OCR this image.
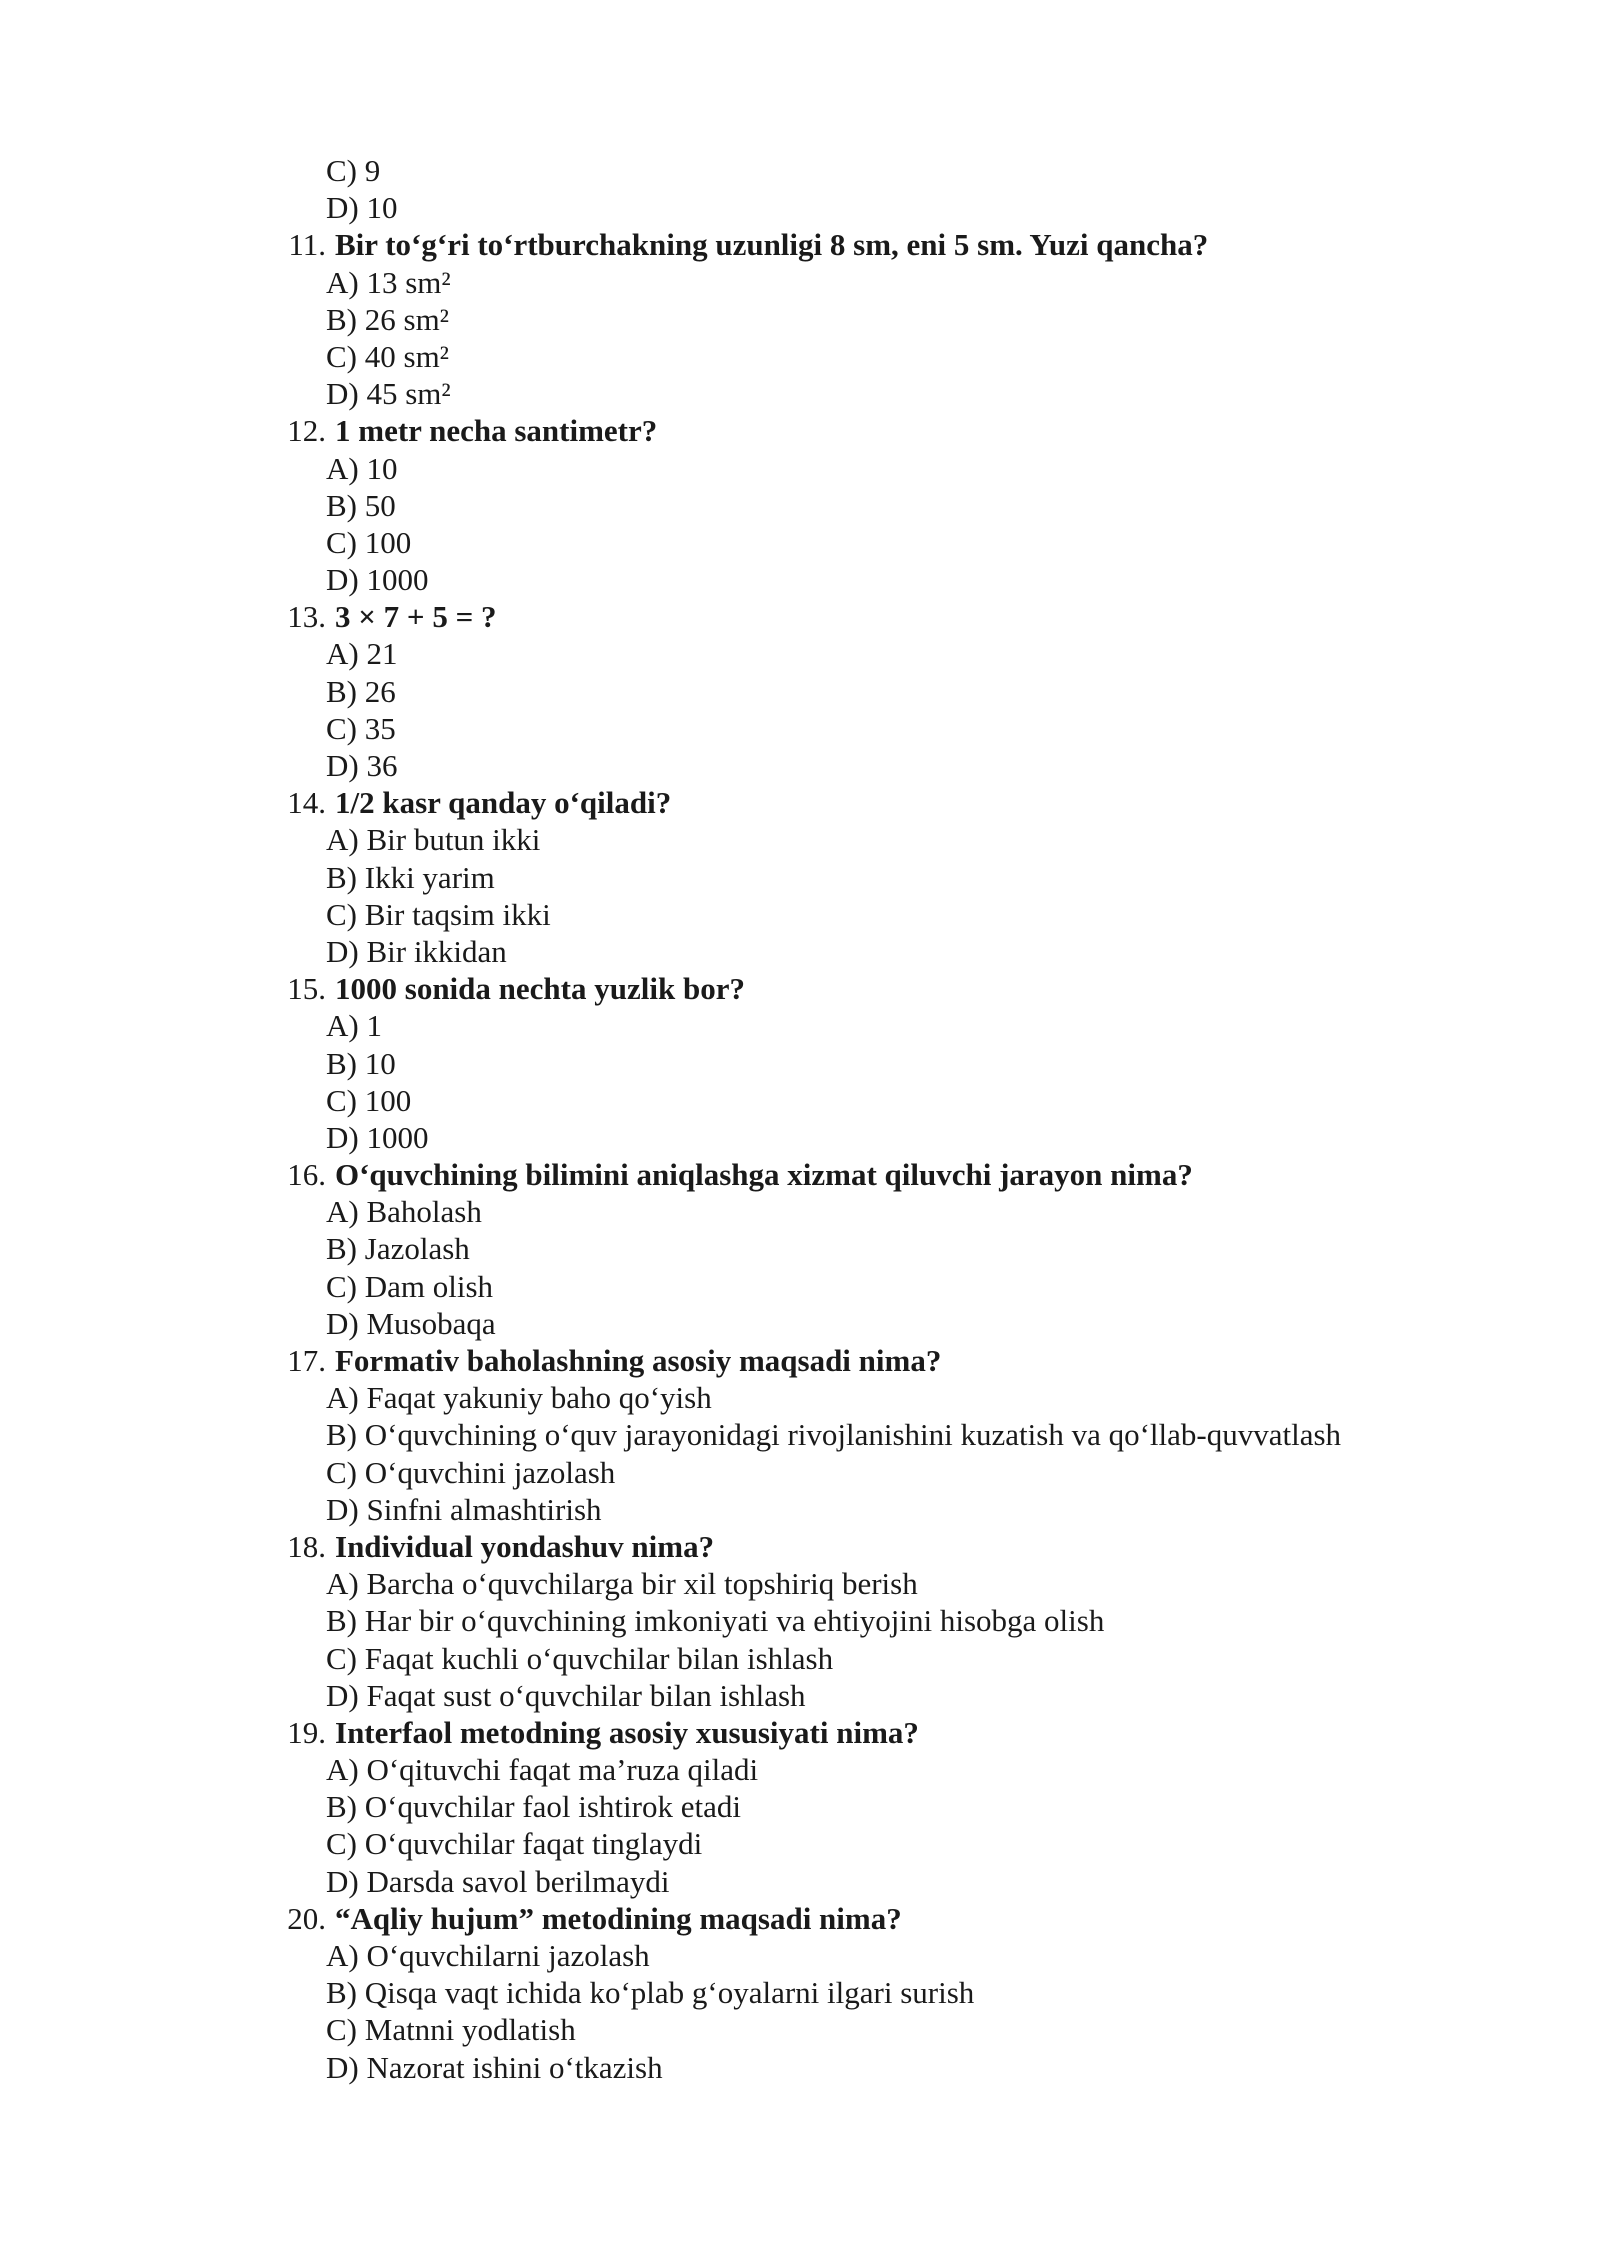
C) 9
D) 10
11. Bir to‘g‘ri to‘rtburchakning uzunligi 8 sm, eni 5 sm. Yuzi qancha?
A) 13 sm²
B) 26 sm²
C) 40 sm²
D) 45 sm²
12. 1 metr necha santimetr?
A) 10
B) 50
C) 100
D) 1000
13. 3 × 7 + 5 = ?
A) 21
B) 26
C) 35
D) 36
14. 1/2 kasr qanday o‘qiladi?
A) Bir butun ikki
B) Ikki yarim
C) Bir taqsim ikki
D) Bir ikkidan
15. 1000 sonida nechta yuzlik bor?
A) 1
B) 10
C) 100
D) 1000
16. O‘quvchining bilimini aniqlashga xizmat qiluvchi jarayon nima?
A) Baholash
B) Jazolash
C) Dam olish
D) Musobaqa
17. Formativ baholashning asosiy maqsadi nima?
A) Faqat yakuniy baho qo‘yish
B) O‘quvchining o‘quv jarayonidagi rivojlanishini kuzatish va qo‘llab-quvvatlash
C) O‘quvchini jazolash
D) Sinfni almashtirish
18. Individual yondashuv nima?
A) Barcha o‘quvchilarga bir xil topshiriq berish
B) Har bir o‘quvchining imkoniyati va ehtiyojini hisobga olish
C) Faqat kuchli o‘quvchilar bilan ishlash
D) Faqat sust o‘quvchilar bilan ishlash
19. Interfaol metodning asosiy xususiyati nima?
A) O‘qituvchi faqat ma’ruza qiladi
B) O‘quvchilar faol ishtirok etadi
C) O‘quvchilar faqat tinglaydi
D) Darsda savol berilmaydi
20. “Aqliy hujum” metodining maqsadi nima?
A) O‘quvchilarni jazolash
B) Qisqa vaqt ichida ko‘plab g‘oyalarni ilgari surish
C) Matnni yodlatish
D) Nazorat ishini o‘tkazish
